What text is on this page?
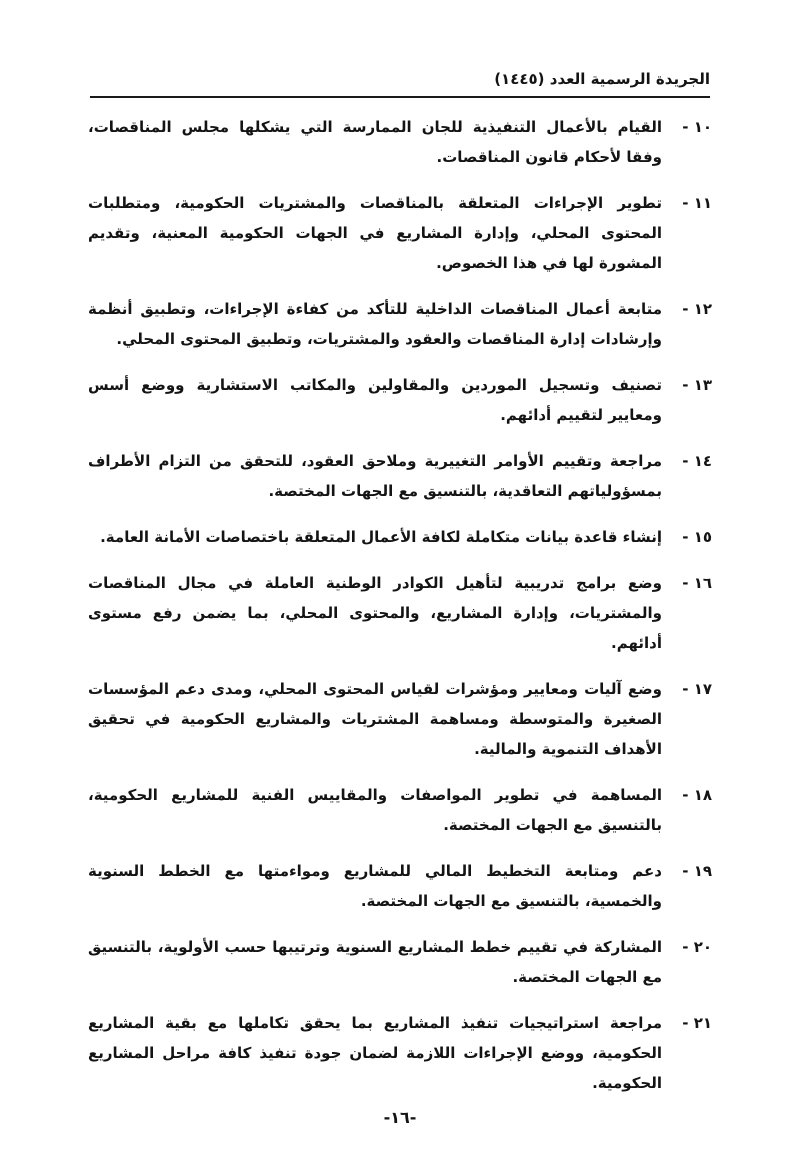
الجريدة الرسمية العدد (١٤٤٥)
١٠ -
القيام بالأعمال التنفيذية للجان الممارسة التي يشكلها مجلس المناقصات، وفقا لأحكام قانون المناقصات.
١١ -
تطوير الإجراءات المتعلقة بالمناقصات والمشتريات الحكومية، ومتطلبات المحتوى المحلي، وإدارة المشاريع في الجهات الحكومية المعنية، وتقديم المشورة لها في هذا الخصوص.
١٢ -
متابعة أعمال المناقصات الداخلية للتأكد من كفاءة الإجراءات، وتطبيق أنظمة وإرشادات إدارة المناقصات والعقود والمشتريات، وتطبيق المحتوى المحلي.
١٣ -
تصنيف وتسجيل الموردين والمقاولين والمكاتب الاستشارية ووضع أسس ومعايير لتقييم أدائهم.
١٤ -
مراجعة وتقييم الأوامر التغييرية وملاحق العقود، للتحقق من التزام الأطراف بمسؤولياتهم التعاقدية، بالتنسيق مع الجهات المختصة.
١٥ -
إنشاء قاعدة بيانات متكاملة لكافة الأعمال المتعلقة باختصاصات الأمانة العامة.
١٦ -
وضع برامج تدريبية لتأهيل الكوادر الوطنية العاملة في مجال المناقصات والمشتريات، وإدارة المشاريع، والمحتوى المحلي، بما يضمن رفع مستوى أدائهم.
١٧ -
وضع آليات ومعايير ومؤشرات لقياس المحتوى المحلي، ومدى دعم المؤسسات الصغيرة والمتوسطة ومساهمة المشتريات والمشاريع الحكومية في تحقيق الأهداف التنموية والمالية.
١٨ -
المساهمة في تطوير المواصفات والمقاييس الفنية للمشاريع الحكومية، بالتنسيق مع الجهات المختصة.
١٩ -
دعم ومتابعة التخطيط المالي للمشاريع ومواءمتها مع الخطط السنوية والخمسية، بالتنسيق مع الجهات المختصة.
٢٠ -
المشاركة في تقييم خطط المشاريع السنوية وترتيبها حسب الأولوية، بالتنسيق مع الجهات المختصة.
٢١ -
مراجعة استراتيجيات تنفيذ المشاريع بما يحقق تكاملها مع بقية المشاريع الحكومية، ووضع الإجراءات اللازمة لضمان جودة تنفيذ كافة مراحل المشاريع الحكومية.
-١٦-
